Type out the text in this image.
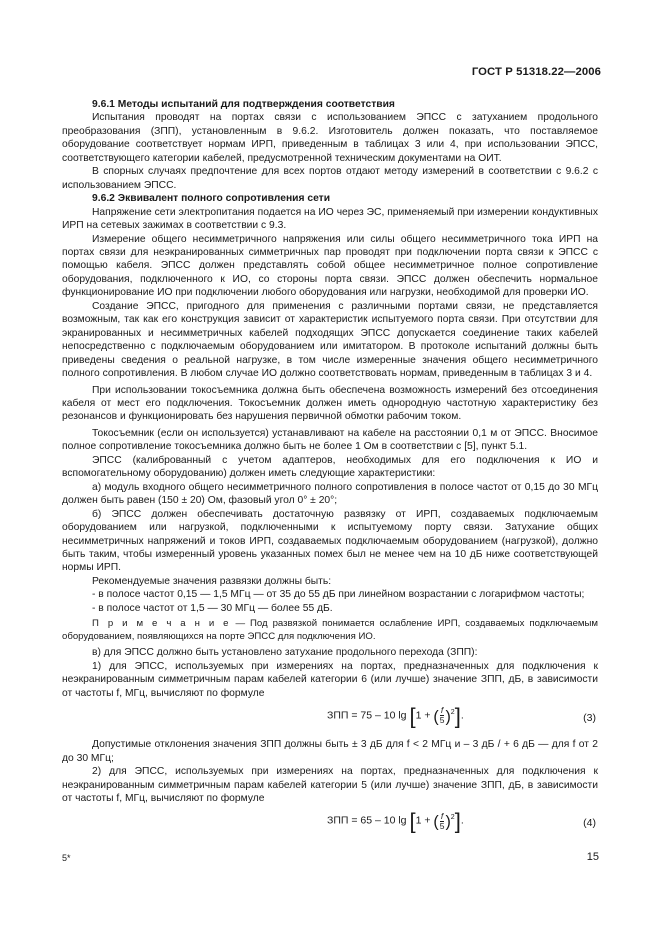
ГОСТ Р 51318.22—2006

9.6.1 Методы испытаний для подтверждения соответствия

Испытания проводят на портах связи с использованием ЭПСС с затуханием продольного преобразования (ЗПП), установленным в 9.6.2. Изготовитель должен показать, что поставляемое оборудование соответствует нормам ИРП, приведенным в таблицах 3 или 4, при использовании ЭПСС, соответствующего категории кабелей, предусмотренной техническим документами на ОИТ.

В спорных случаях предпочтение для всех портов отдают методу измерений в соответствии с 9.6.2 с использованием ЭПСС.

9.6.2 Эквивалент полного сопротивления сети

Напряжение сети электропитания подается на ИО через ЭС, применяемый при измерении кондуктивных ИРП на сетевых зажимах в соответствии с 9.3.

Измерение общего несимметричного напряжения или силы общего несимметричного тока ИРП на портах связи для неэкранированных симметричных пар проводят при подключении порта связи к ЭПСС с помощью кабеля. ЭПСС должен представлять собой общее несимметричное полное сопротивление оборудования, подключенного к ИО, со стороны порта связи. ЭПСС должен обеспечить нормальное функционирование ИО при подключении любого оборудования или нагрузки, необходимой для проверки ИО.

Создание ЭПСС, пригодного для применения с различными портами связи, не представляется возможным, так как его конструкция зависит от характеристик испытуемого порта связи. При отсутствии для экранированных и несимметричных кабелей подходящих ЭПСС допускается соединение таких кабелей непосредственно с подключаемым оборудованием или имитатором. В протоколе испытаний должны быть приведены сведения о реальной нагрузке, в том числе измеренные значения общего несимметричного полного сопротивления. В любом случае ИО должно соответствовать нормам, приведенным в таблицах 3 и 4.

При использовании токосъемника должна быть обеспечена возможность измерений без отсоединения кабеля от мест его подключения. Токосъемник должен иметь однородную частотную характеристику без резонансов и функционировать без нарушения первичной обмотки рабочим током.

Токосъемник (если он используется) устанавливают на кабеле на расстоянии 0,1 м от ЭПСС. Вносимое полное сопротивление токосъемника должно быть не более 1 Ом в соответствии с [5], пункт 5.1.

ЭПСС (калиброванный с учетом адаптеров, необходимых для его подключения к ИО и вспомогательному оборудованию) должен иметь следующие характеристики:

а) модуль входного общего несимметричного полного сопротивления в полосе частот от 0,15 до 30 МГц должен быть равен (150 ± 20) Ом, фазовый угол 0° ± 20°;

б) ЭПСС должен обеспечивать достаточную развязку от ИРП, создаваемых подключаемым оборудованием или нагрузкой, подключенными к испытуемому порту связи. Затухание общих несимметричных напряжений и токов ИРП, создаваемых подключаемым оборудованием (нагрузкой), должно быть таким, чтобы измеренный уровень указанных помех был не менее чем на 10 дБ ниже соответствующей нормы ИРП.

Рекомендуемые значения развязки должны быть:

- в полосе частот 0,15 — 1,5 МГц — от 35 до 55 дБ при линейном возрастании с логарифмом частоты;

- в полосе частот от 1,5 — 30 МГц — более 55 дБ.

П р и м е ч а н и е — Под развязкой понимается ослабление ИРП, создаваемых подключаемым оборудованием, появляющихся на порте ЭПСС для подключения ИО.

в) для ЭПСС должно быть установлено затухание продольного перехода (ЗПП):

1) для ЭПСС, используемых при измерениях на портах, предназначенных для подключения к неэкранированным симметричным парам кабелей категории 6 (или лучше) значение ЗПП, дБ, в зависимости от частоты f, МГц, вычисляют по формуле

ЗПП = 75 – 10 lg [1 + ( $\frac{f}{5} )^2$].	(3)

Допустимые отклонения значения ЗПП должны быть ± 3 дБ для f < 2 МГц и – 3 дБ / + 6 дБ — для f от 2 до 30 МГц;

2) для ЭПСС, используемых при измерениях на портах, предназначенных для подключения к неэкранированным симметричным парам кабелей категории 5 (или лучше) значение ЗПП, дБ, в зависимости от частоты f, МГц, вычисляют по формуле

ЗПП = 65 – 10 lg [1 + ( $\frac{f}{5} )^2$].	(4)
5*	15
